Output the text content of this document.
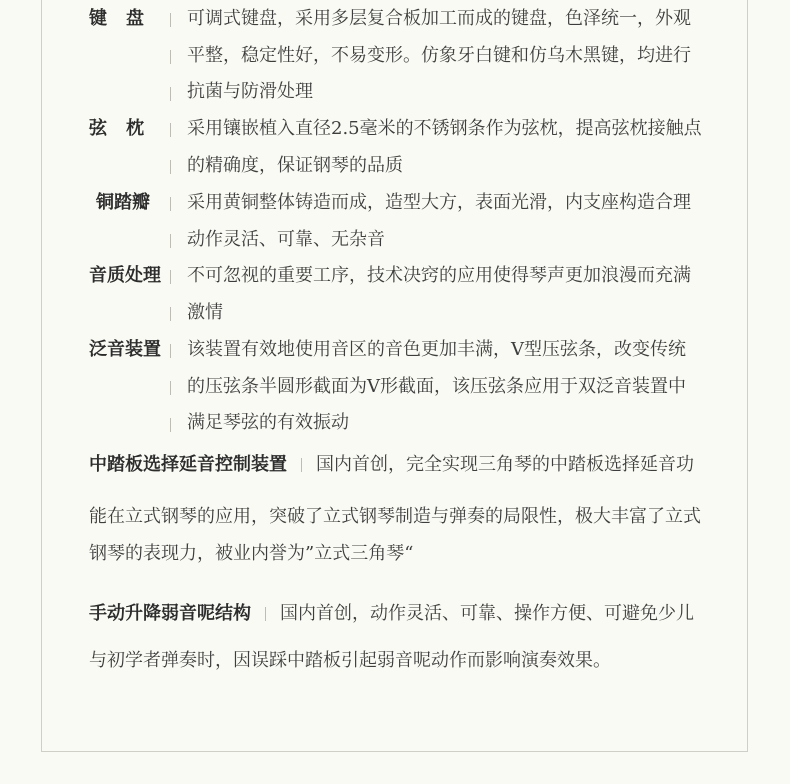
键盘 可调式键盘，采用多层复合板加工而成的键盘，色泽统一，外观
平整，稳定性好，不易变形。仿象牙白键和仿乌木黑键，均进行
抗菌与防滑处理
弦枕 采用镶嵌植入直径2.5毫米的不锈钢条作为弦枕，提高弦枕接触点
的精确度，保证钢琴的品质
铜踏瓣	采用黄铜整体铸造而成，造型大方，表面光滑，内支座构造合理
动作灵活、可靠、无杂音
音质处理 不可忽视的重要工序，技术决窍的应用使得琴声更加浪漫而充满
激情
泛音装置 该装置有效地使用音区的音色更加丰满，V型压弦条，改变传统
的压弦条半圆形截面为V形截面，该压弦条应用于双泛音装置中
满足琴弦的有效振动
中踏板选择延音控制装置 国内首创，完全实现三角琴的中踏板选择延音功
能在立式钢琴的应用，突破了立式钢琴制造与弹奏的局限性，极大丰富了立式
钢琴的表现力，被业内誉为”立式三角琴“
手动升降弱音呢结构 国内首创，动作灵活、可靠、操作方便、可避免少儿
与初学者弹奏时，因误踩中踏板引起弱音呢动作而影响演奏效果。
